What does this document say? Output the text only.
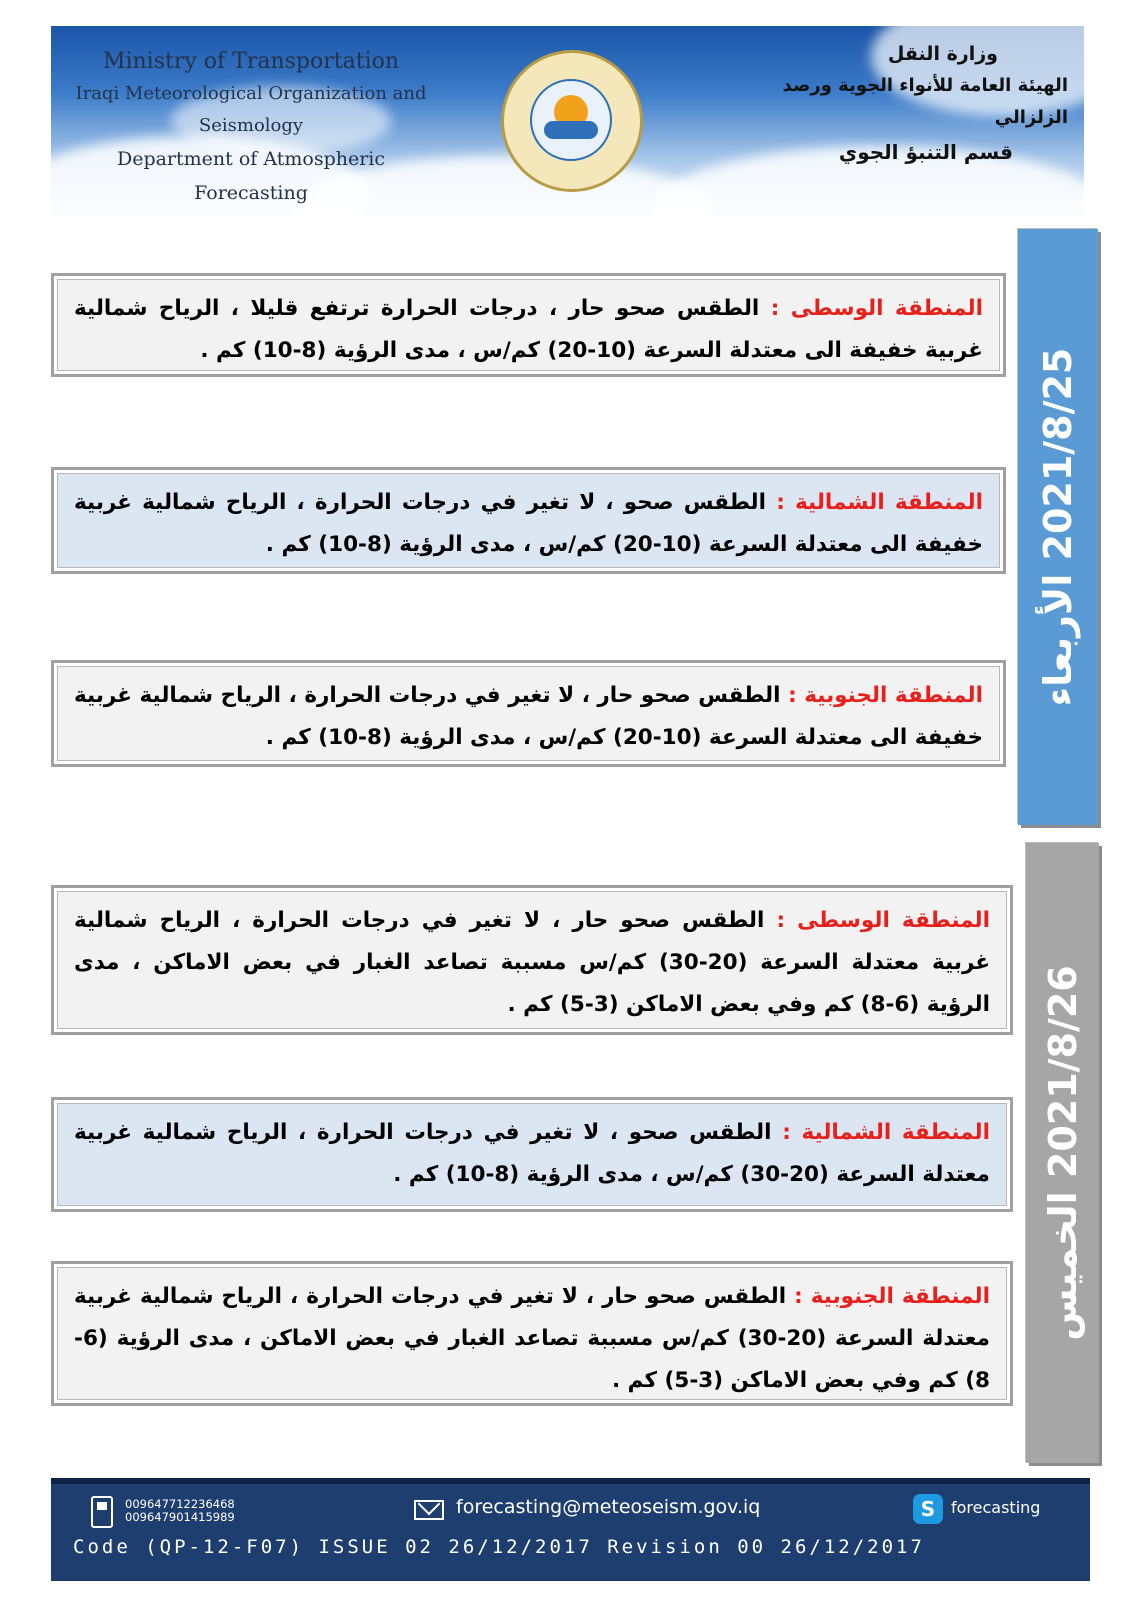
Ministry of Transportation
Iraqi Meteorological Organization and Seismology
Department of Atmospheric Forecasting
وزارة النقل
الهيئة العامة للأنواء الجوية ورصد الزلزالي
قسم التنبؤ الجوي
2021/8/25 الأربعاء
2021/8/26 الخميس
المنطقة الوسطى : الطقس صحو حار ، درجات الحرارة ترتفع قليلا ، الرياح شمالية غربية خفيفة الى معتدلة السرعة (10-20) كم/س ، مدى الرؤية (8-10) كم .
المنطقة الشمالية : الطقس صحو ، لا تغير في درجات الحرارة ، الرياح شمالية غربية خفيفة الى معتدلة السرعة (10-20) كم/س ، مدى الرؤية (8-10) كم .
المنطقة الجنوبية : الطقس صحو حار ، لا تغير في درجات الحرارة ، الرياح شمالية غربية خفيفة الى معتدلة السرعة (10-20) كم/س ، مدى الرؤية (8-10) كم .
المنطقة الوسطى : الطقس صحو حار ، لا تغير في درجات الحرارة ، الرياح شمالية غربية معتدلة السرعة (20-30) كم/س مسببة تصاعد الغبار في بعض الاماكن ، مدى الرؤية (6-8) كم وفي بعض الاماكن (3-5) كم .
المنطقة الشمالية : الطقس صحو ، لا تغير في درجات الحرارة ، الرياح شمالية غربية معتدلة السرعة (20-30) كم/س ، مدى الرؤية (8-10) كم .
المنطقة الجنوبية : الطقس صحو حار ، لا تغير في درجات الحرارة ، الرياح شمالية غربية معتدلة السرعة (20-30) كم/س مسببة تصاعد الغبار في بعض الاماكن ، مدى الرؤية (6-8) كم وفي بعض الاماكن (3-5) كم .
009647712236468
009647901415989	forecasting@meteoseism.gov.iq	S forecasting
Code (QP-12-F07) ISSUE 02 26/12/2017 Revision 00 26/12/2017
